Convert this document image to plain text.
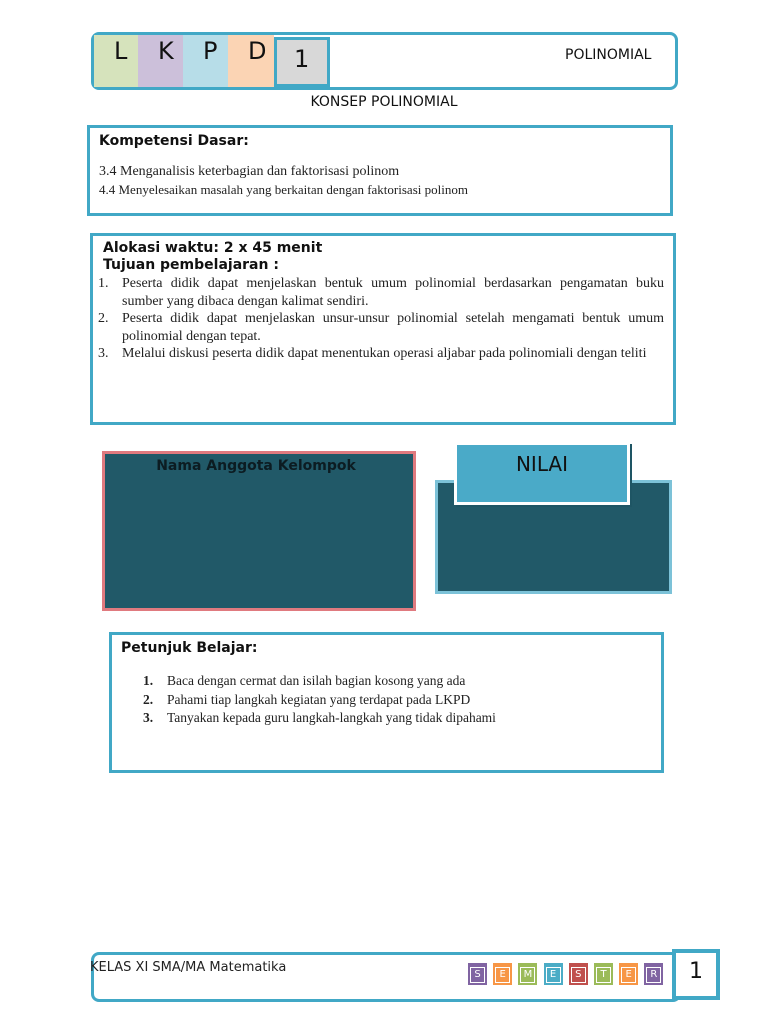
L	K	P	D	1	POLINOMIAL
KONSEP POLINOMIAL
Kompetensi Dasar:
3.4 Menganalisis keterbagian dan faktorisasi polinom
4.4 Menyelesaikan masalah yang berkaitan dengan faktorisasi polinom
Alokasi waktu: 2 x 45 menit
Tujuan pembelajaran :
1. Peserta didik dapat menjelaskan bentuk umum polinomial berdasarkan pengamatan buku sumber yang dibaca dengan kalimat sendiri.
2. Peserta didik dapat menjelaskan unsur-unsur polinomial setelah mengamati bentuk umum polinomial dengan tepat.
3. Melalui diskusi peserta didik dapat menentukan operasi aljabar pada polinomiali dengan teliti
Nama Anggota Kelompok	NILAI
Petunjuk Belajar:
1. Baca dengan cermat dan isilah bagian kosong yang ada
2. Pahami tiap langkah kegiatan yang terdapat pada LKPD
3. Tanyakan kepada guru langkah-langkah yang tidak dipahami
KELAS XI SMA/MA Matematika	S	E	M	E	S	T	E	R	1
